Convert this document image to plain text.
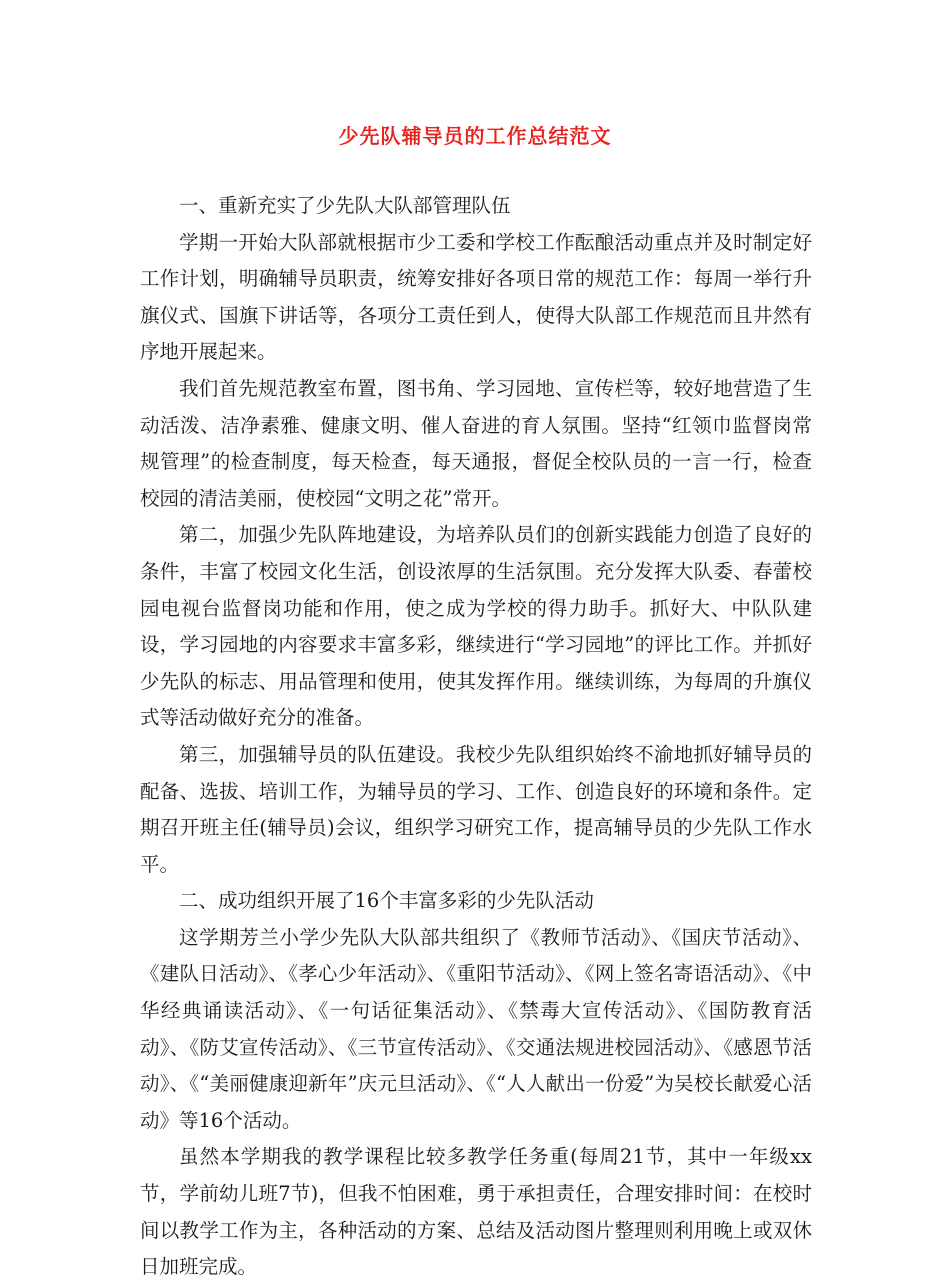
少先队辅导员的工作总结范文

一、重新充实了少先队大队部管理队伍

学期一开始大队部就根据市少工委和学校工作酝酿活动重点并及时制定好工作计划，明确辅导员职责，统筹安排好各项日常的规范工作：每周一举行升旗仪式、国旗下讲话等，各项分工责任到人，使得大队部工作规范而且井然有序地开展起来。

我们首先规范教室布置，图书角、学习园地、宣传栏等，较好地营造了生动活泼、洁净素雅、健康文明、催人奋进的育人氛围。坚持“红领巾监督岗常规管理”的检查制度，每天检查，每天通报，督促全校队员的一言一行，检查校园的清洁美丽，使校园“文明之花”常开。

第二，加强少先队阵地建设，为培养队员们的创新实践能力创造了良好的条件，丰富了校园文化生活，创设浓厚的生活氛围。充分发挥大队委、春蕾校园电视台监督岗功能和作用，使之成为学校的得力助手。抓好大、中队队建设，学习园地的内容要求丰富多彩，继续进行“学习园地”的评比工作。并抓好少先队的标志、用品管理和使用，使其发挥作用。继续训练，为每周的升旗仪式等活动做好充分的准备。

第三，加强辅导员的队伍建设。我校少先队组织始终不渝地抓好辅导员的配备、选拔、培训工作，为辅导员的学习、工作、创造良好的环境和条件。定期召开班主任(辅导员)会议，组织学习研究工作，提高辅导员的少先队工作水平。

二、成功组织开展了16个丰富多彩的少先队活动

这学期芳兰小学少先队大队部共组织了《教师节活动》、《国庆节活动》、《建队日活动》、《孝心少年活动》、《重阳节活动》、《网上签名寄语活动》、《中华经典诵读活动》、《一句话征集活动》、《禁毒大宣传活动》、《国防教育活动》、《防艾宣传活动》、《三节宣传活动》、《交通法规进校园活动》、《感恩节活动》、《“美丽健康迎新年”庆元旦活动》、《“人人献出一份爱”为吴校长献爱心活动》等16个活动。

虽然本学期我的教学课程比较多教学任务重(每周21节，其中一年级xx节，学前幼儿班7节)，但我不怕困难，勇于承担责任，合理安排时间：在校时间以教学工作为主，各种活动的方案、总结及活动图片整理则利用晚上或双休日加班完成。
